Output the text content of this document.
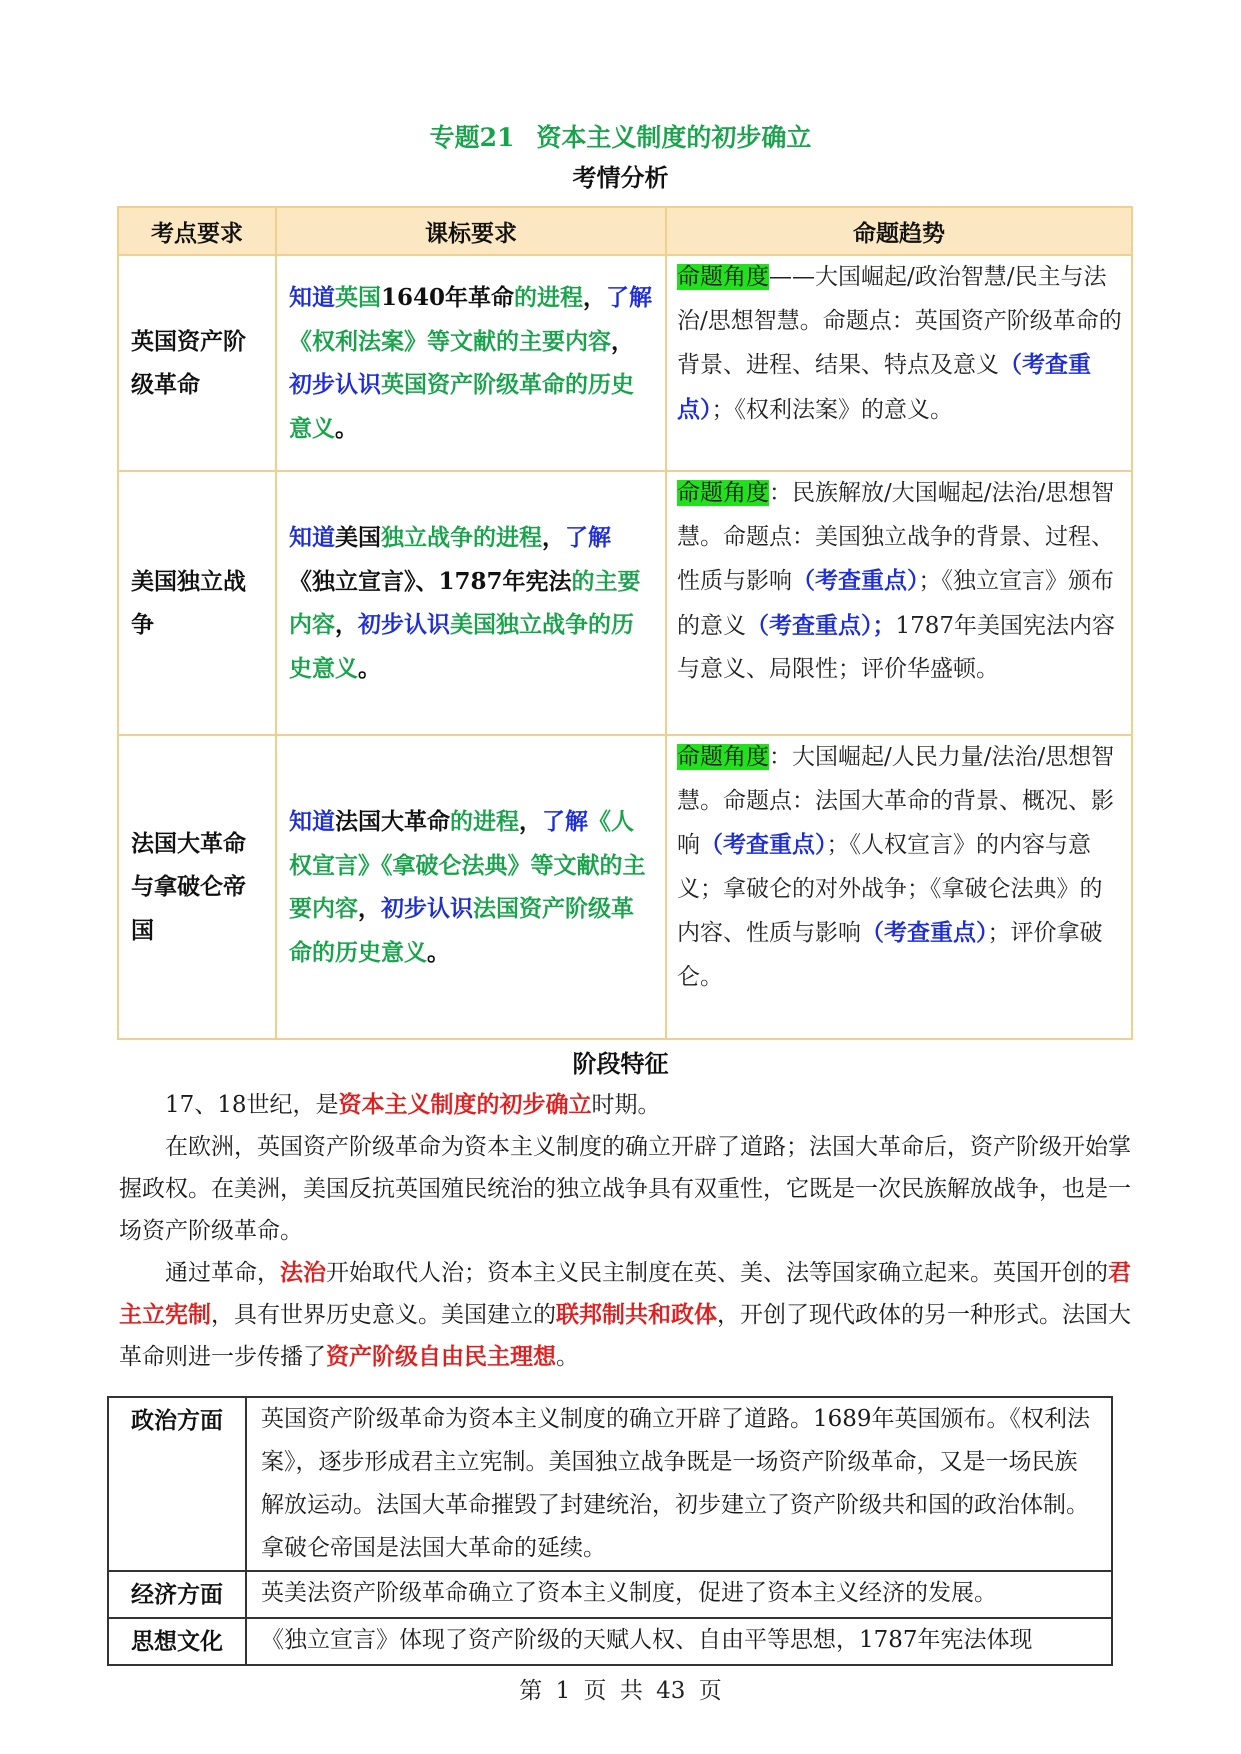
专题21 资本主义制度的初步确立
考情分析
考点要求	课标要求	命题趋势
英国资产阶级革命	知道英国1640年革命的进程，了解《权利法案》等文献的主要内容，初步认识英国资产阶级革命的历史意义。	命题角度——大国崛起/政治智慧/民主与法治/思想智慧。命题点：英国资产阶级革命的背景、进程、结果、特点及意义（考查重点）；《权利法案》的意义。
美国独立战争	知道美国独立战争的进程，了解《独立宣言》、1787年宪法的主要内容，初步认识美国独立战争的历史意义。	命题角度：民族解放/大国崛起/法治/思想智慧。命题点：美国独立战争的背景、过程、性质与影响（考查重点）；《独立宣言》颁布的意义（考查重点）；1787年美国宪法内容与意义、局限性；评价华盛顿。
法国大革命与拿破仑帝国	知道法国大革命的进程，了解《人权宣言》《拿破仑法典》等文献的主要内容，初步认识法国资产阶级革命的历史意义。	命题角度：大国崛起/人民力量/法治/思想智慧。命题点：法国大革命的背景、概况、影响（考查重点）；《人权宣言》的内容与意义；拿破仑的对外战争；《拿破仑法典》的内容、性质与影响（考查重点）；评价拿破仑。
阶段特征
17、18世纪，是资本主义制度的初步确立时期。
在欧洲，英国资产阶级革命为资本主义制度的确立开辟了道路；法国大革命后，资产阶级开始掌握政权。在美洲，美国反抗英国殖民统治的独立战争具有双重性，它既是一次民族解放战争，也是一场资产阶级革命。
通过革命，法治开始取代人治；资本主义民主制度在英、美、法等国家确立起来。英国开创的君主立宪制，具有世界历史意义。美国建立的联邦制共和政体，开创了现代政体的另一种形式。法国大革命则进一步传播了资产阶级自由民主理想。
政治方面	英国资产阶级革命为资本主义制度的确立开辟了道路。1689年英国颁布。《权利法案》，逐步形成君主立宪制。美国独立战争既是一场资产阶级革命，又是一场民族解放运动。法国大革命摧毁了封建统治，初步建立了资产阶级共和国的政治体制。拿破仑帝国是法国大革命的延续。
经济方面	英美法资产阶级革命确立了资本主义制度，促进了资本主义经济的发展。
思想文化	《独立宣言》体现了资产阶级的天赋人权、自由平等思想，1787年宪法体现
第 1 页 共 43 页
